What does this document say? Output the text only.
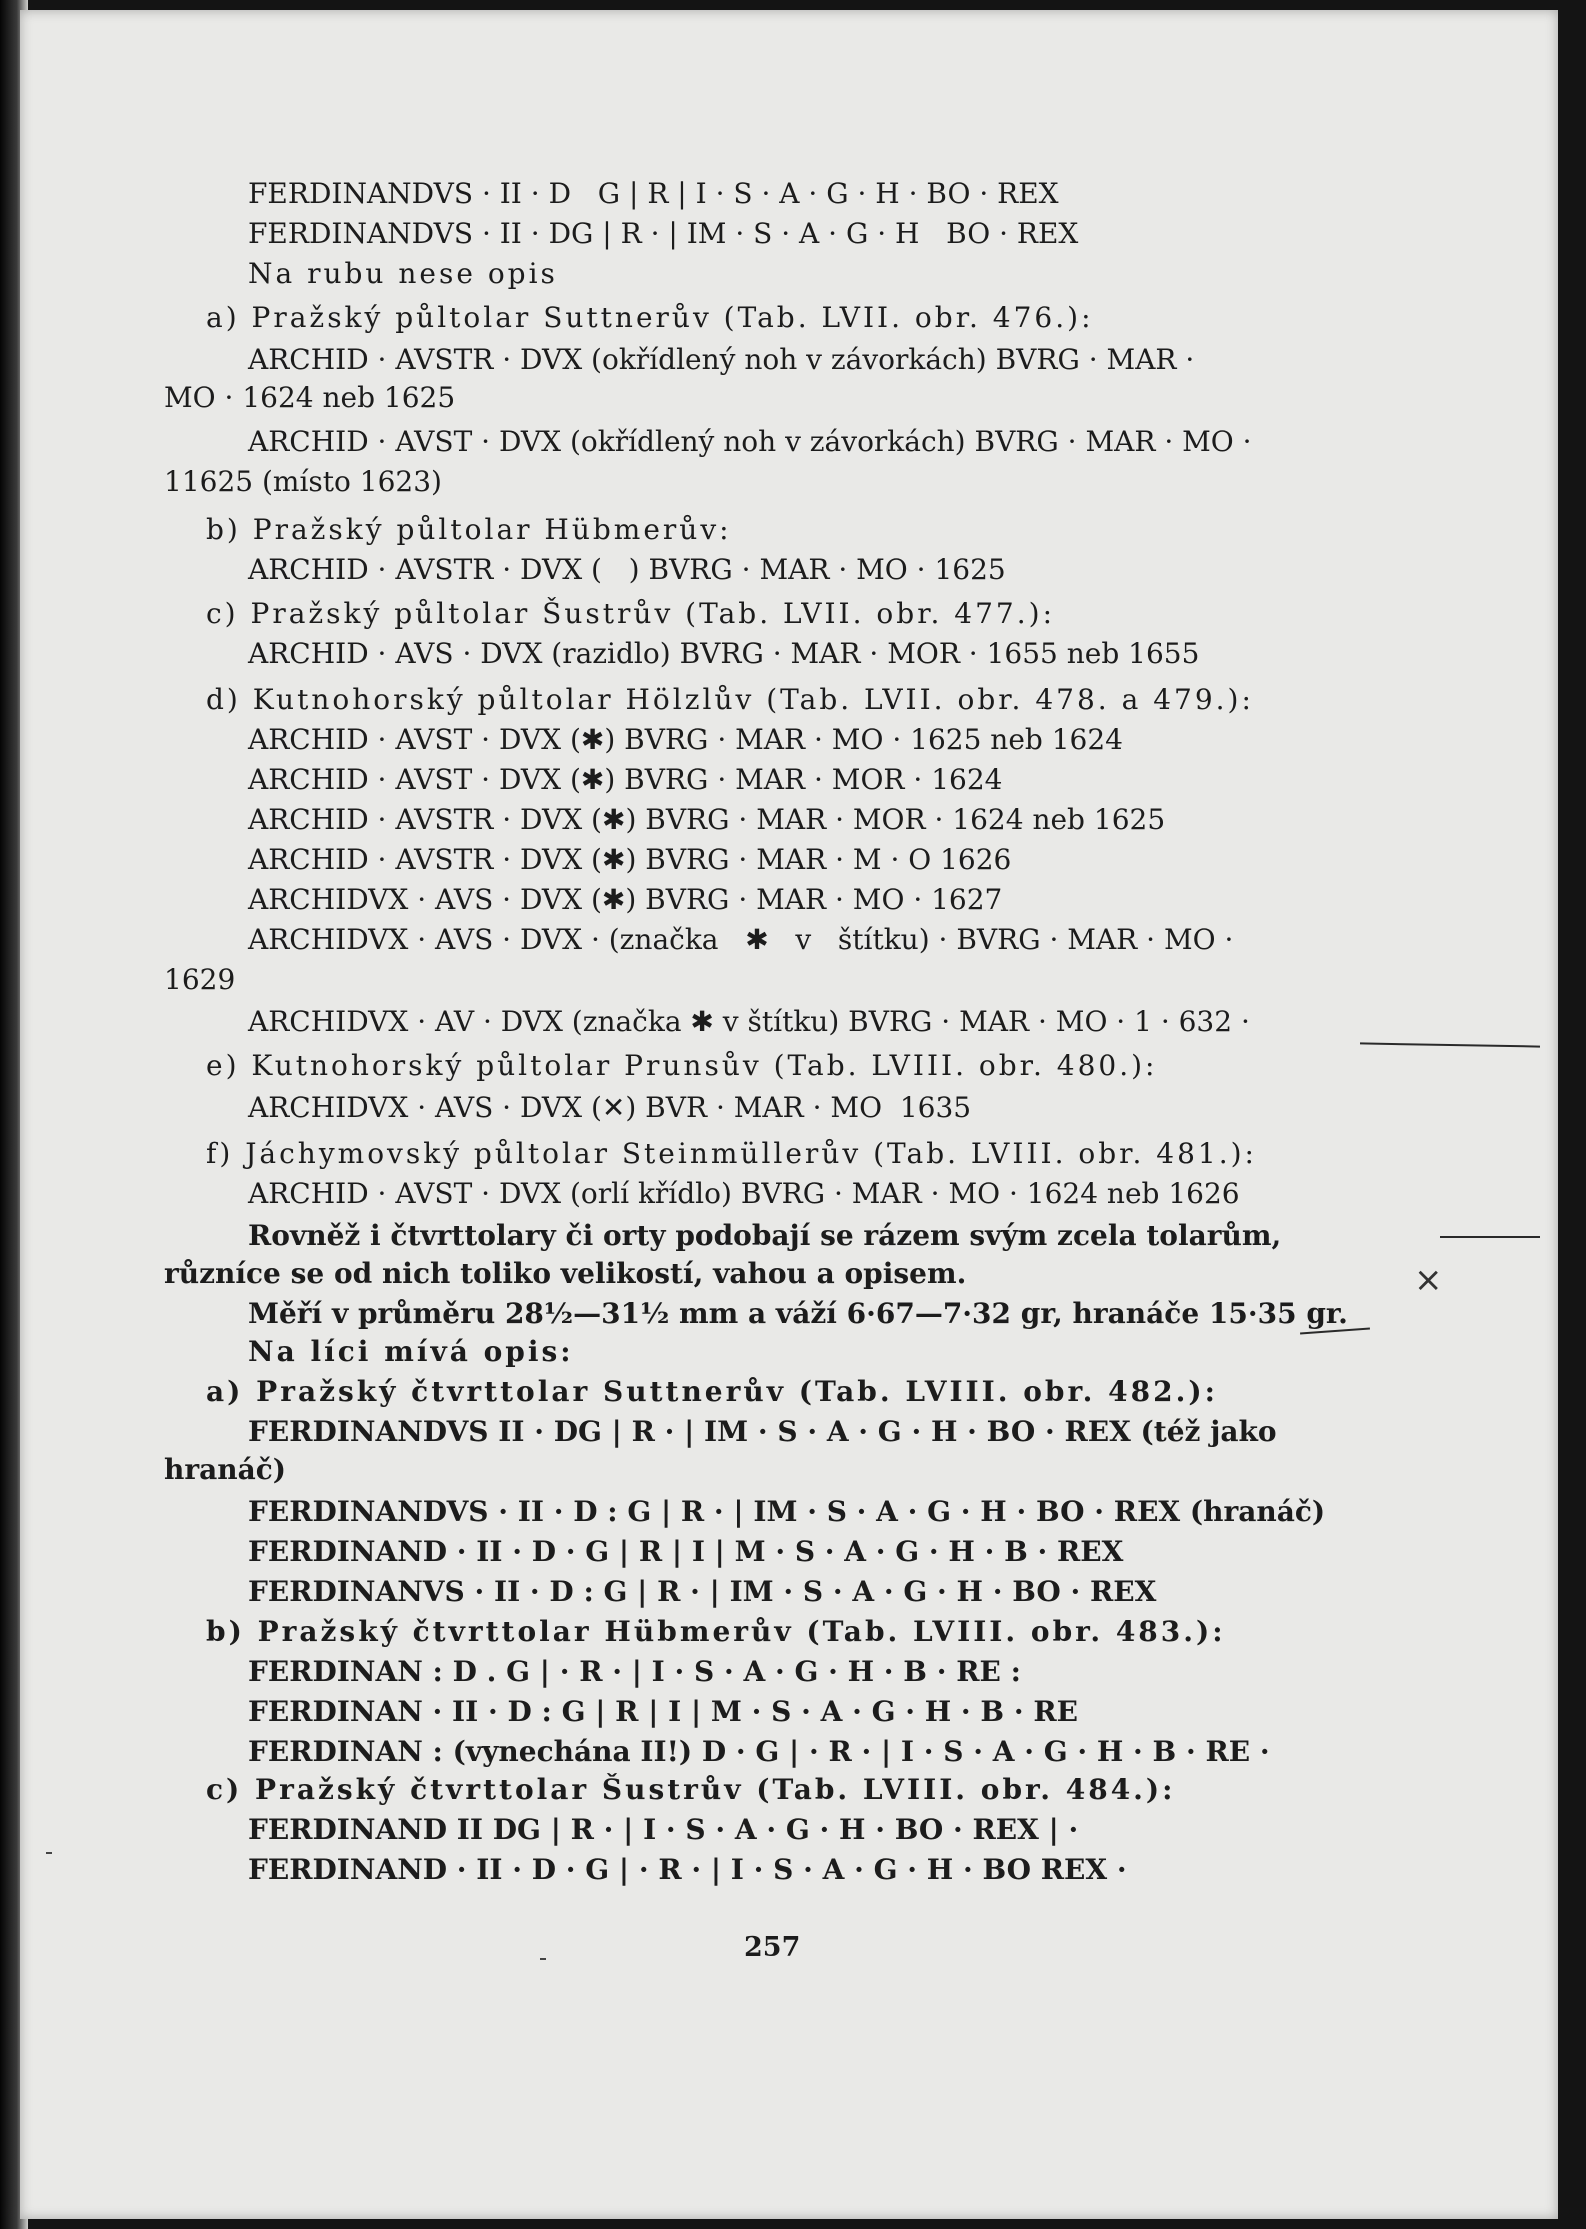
FERDINANDVS · II · D   G | R | I · S · A · G · H · BO · REX
FERDINANDVS · II · DG | R · | IM · S · A · G · H   BO · REX
Na rubu nese opis
a) Pražský půltolar Suttnerův (Tab. LVII. obr. 476.):
ARCHID · AVSTR · DVX (okřídlený noh v závorkách) BVRG · MAR ·
MO · 1624 neb 1625
ARCHID · AVST · DVX (okřídlený noh v závorkách) BVRG · MAR · MO ·
11625 (místo 1623)
b) Pražský půltolar Hübmerův:
ARCHID · AVSTR · DVX (   ) BVRG · MAR · MO · 1625
c) Pražský půltolar Šustrův (Tab. LVII. obr. 477.):
ARCHID · AVS · DVX (razidlo) BVRG · MAR · MOR · 1655 neb 1655
d) Kutnohorský půltolar Hölzlův (Tab. LVII. obr. 478. a 479.):
ARCHID · AVST · DVX (✱) BVRG · MAR · MO · 1625 neb 1624
ARCHID · AVST · DVX (✱) BVRG · MAR · MOR · 1624
ARCHID · AVSTR · DVX (✱) BVRG · MAR · MOR · 1624 neb 1625
ARCHID · AVSTR · DVX (✱) BVRG · MAR · M · O 1626
ARCHIDVX · AVS · DVX (✱) BVRG · MAR · MO · 1627
ARCHIDVX · AVS · DVX · (značka   ✱   v   štítku) · BVRG · MAR · MO ·
1629
ARCHIDVX · AV · DVX (značka ✱ v štítku) BVRG · MAR · MO · 1 · 632 ·
e) Kutnohorský půltolar Prunsův (Tab. LVIII. obr. 480.):
ARCHIDVX · AVS · DVX (✕) BVR · MAR · MO  1635
f) Jáchymovský půltolar Steinmüllerův (Tab. LVIII. obr. 481.):
ARCHID · AVST · DVX (orlí křídlo) BVRG · MAR · MO · 1624 neb 1626
Rovněž i čtvrttolary či orty podobají se rázem svým zcela tolarům,
různíce se od nich toliko velikostí, vahou a opisem.
Měří v průměru 28½—31½ mm a váží 6·67—7·32 gr, hranáče 15·35 gr.
Na líci mívá opis:
a) Pražský čtvrttolar Suttnerův (Tab. LVIII. obr. 482.):
FERDINANDVS II · DG | R · | IM · S · A · G · H · BO · REX (též jako
hranáč)
FERDINANDVS · II · D : G | R · | IM · S · A · G · H · BO · REX (hranáč)
FERDINAND · II · D · G | R | I | M · S · A · G · H · B · REX
FERDINANVS · II · D : G | R · | IM · S · A · G · H · BO · REX
b) Pražský čtvrttolar Hübmerův (Tab. LVIII. obr. 483.):
FERDINAN : D . G | · R · | I · S · A · G · H · B · RE :
FERDINAN · II · D : G | R | I | M · S · A · G · H · B · RE
FERDINAN : (vynechána II!) D · G | · R · | I · S · A · G · H · B · RE ·
c) Pražský čtvrttolar Šustrův (Tab. LVIII. obr. 484.):
FERDINAND II DG | R · | I · S · A · G · H · BO · REX | ·
FERDINAND · II · D · G | · R · | I · S · A · G · H · BO REX ·
257
×
